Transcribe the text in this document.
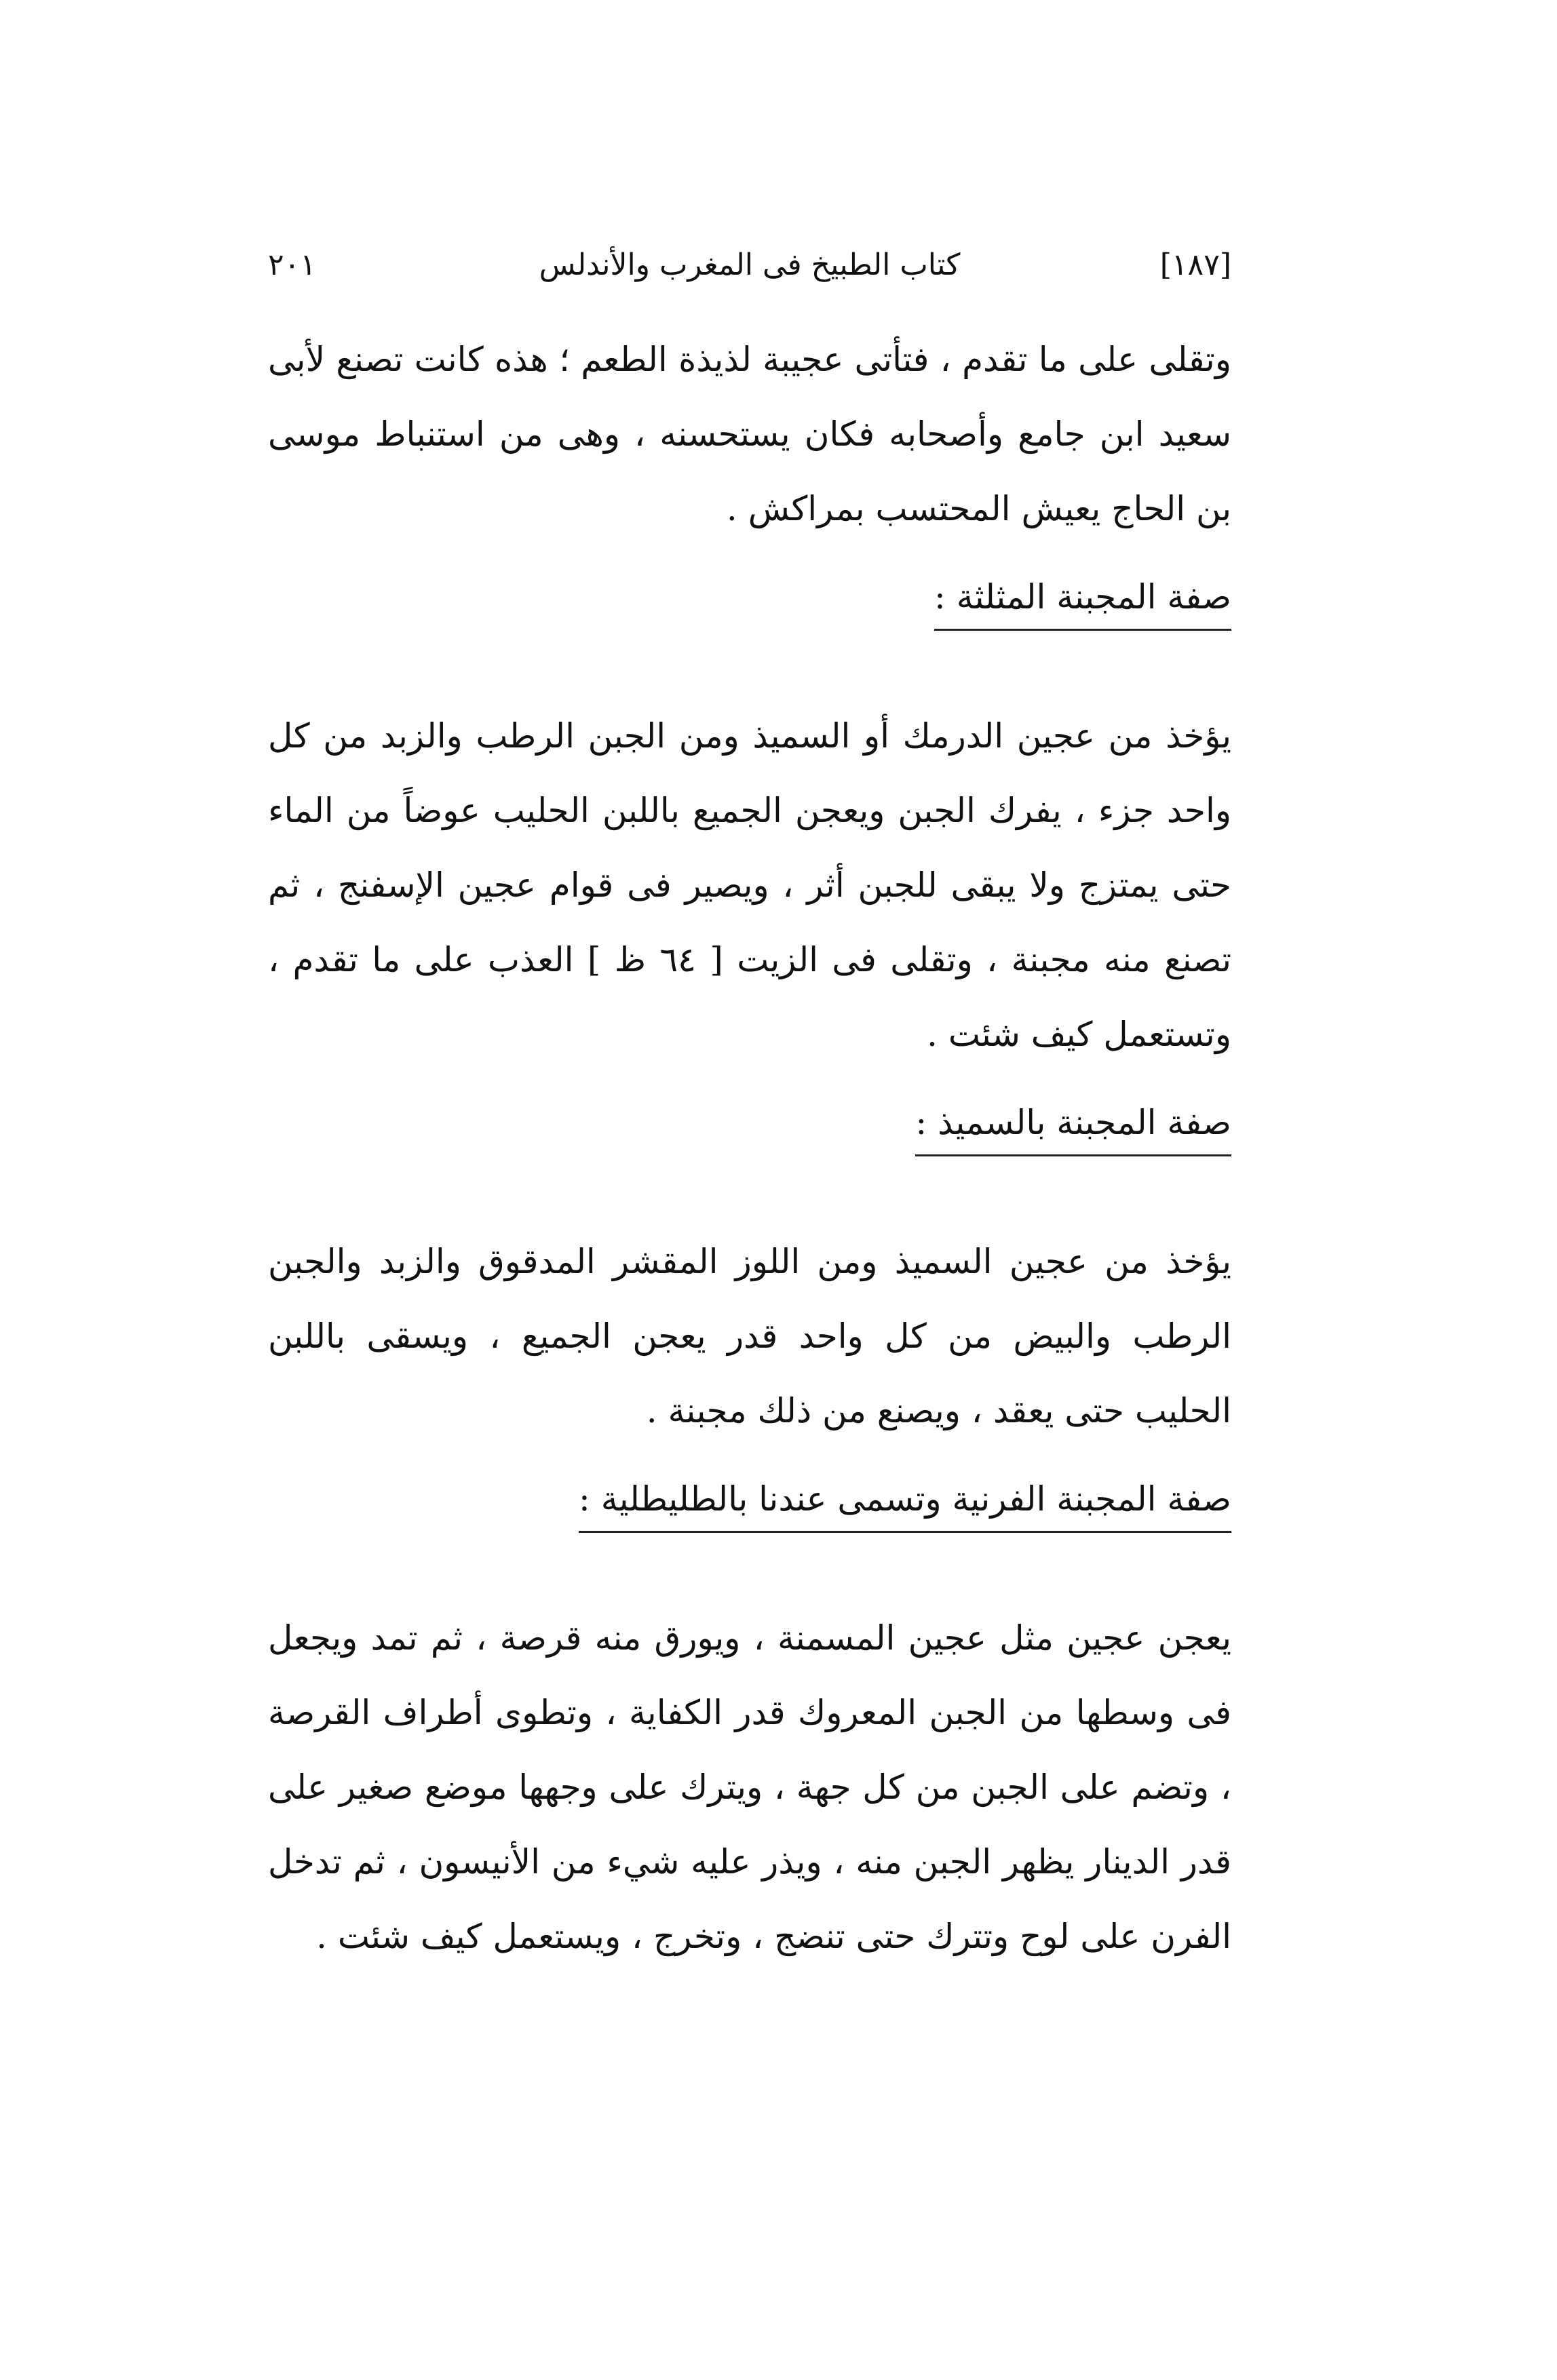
٢٠١	كتاب الطبيخ فى المغرب والأندلس	[١٨٧]

وتقلى على ما تقدم ، فتأتى عجيبة لذيذة الطعم ؛ هذه كانت تصنع لأبى سعيد ابن جامع وأصحابه فكان يستحسنه ، وهى من استنباط موسى بن الحاج يعيش المحتسب بمراكش .

صفة المجبنة المثلثة :

يؤخذ من عجين الدرمك أو السميذ ومن الجبن الرطب والزبد من كل واحد جزء ، يفرك الجبن ويعجن الجميع باللبن الحليب عوضاً من الماء حتى يمتزج ولا يبقى للجبن أثر ، ويصير فى قوام عجين الإسفنج ، ثم تصنع منه مجبنة ، وتقلى فى الزيت [ ٦٤ ظ ] العذب على ما تقدم ، وتستعمل كيف شئت .

صفة المجبنة بالسميذ :

يؤخذ من عجين السميذ ومن اللوز المقشر المدقوق والزبد والجبن الرطب والبيض من كل واحد قدر يعجن الجميع ، ويسقى باللبن الحليب حتى يعقد ، ويصنع من ذلك مجبنة .

صفة المجبنة الفرنية وتسمى عندنا بالطليطلية :

يعجن عجين مثل عجين المسمنة ، ويورق منه قرصة ، ثم تمد ويجعل فى وسطها من الجبن المعروك قدر الكفاية ، وتطوى أطراف القرصة ، وتضم على الجبن من كل جهة ، ويترك على وجهها موضع صغير على قدر الدينار يظهر الجبن منه ، ويذر عليه شيء من الأنيسون ، ثم تدخل الفرن على لوح وتترك حتى تنضج ، وتخرج ، ويستعمل كيف شئت .
